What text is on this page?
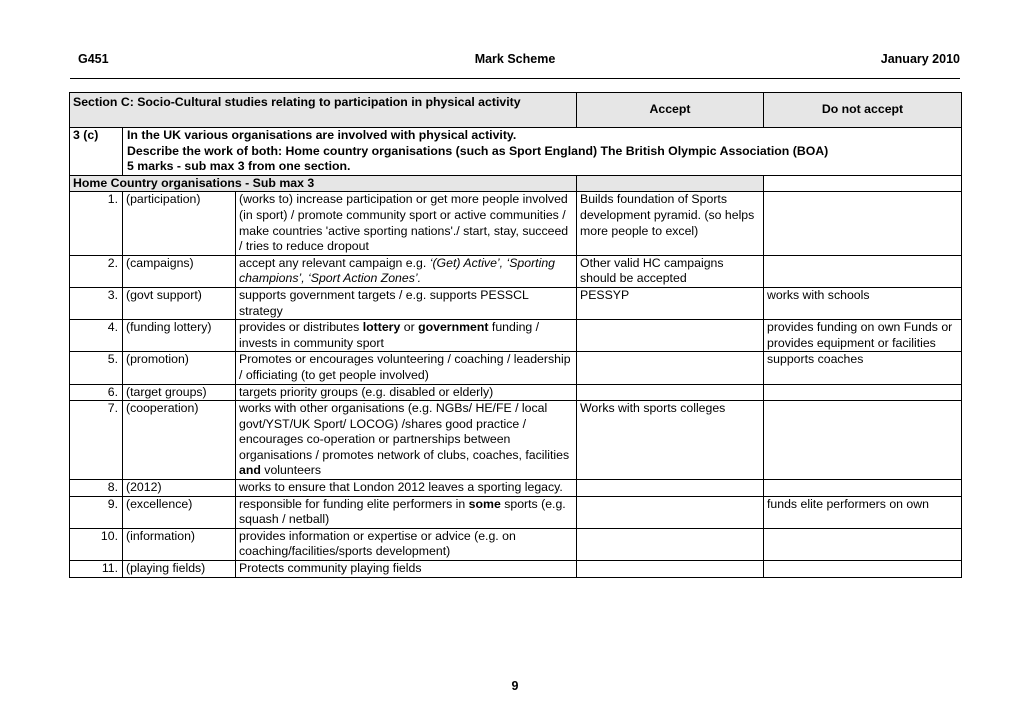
G451	Mark Scheme	January 2010
Section C: Socio-Cultural studies relating to participation in physical activity			Accept	Do not accept
3 (c)	In the UK various organisations are involved with physical activity.
Describe the work of both: Home country organisations (such as Sport England) The British Olympic Association (BOA)
5 marks - sub max 3 from one section.			

Home Country organisations - Sub max 3				
1.	(participation)	(works to) increase participation or get more people involved (in sport) / promote community sport or active communities / make countries 'active sporting nations'./ start, stay, succeed / tries to reduce dropout	Builds foundation of Sports development pyramid. (so helps more people to excel)	
2.	(campaigns)	accept any relevant campaign e.g. ‘(Get) Active’, ‘Sporting champions’, ‘Sport Action Zones’.	Other valid HC campaigns should be accepted	
3.	(govt support)	supports government targets / e.g. supports PESSCL strategy	PESSYP	works with schools
4.	(funding lottery)	provides or distributes lottery or government funding / invests in community sport		provides funding on own Funds or provides equipment or facilities
5.	(promotion)	Promotes or encourages volunteering / coaching / leadership / officiating (to get people involved)		supports coaches
6.	(target groups)	targets priority groups (e.g. disabled or elderly)		
7.	(cooperation)	works with other organisations (e.g. NGBs/ HE/FE / local govt/YST/UK Sport/ LOCOG) /shares good practice / encourages co-operation or partnerships between organisations / promotes network of clubs, coaches, facilities and volunteers	Works with sports colleges	
8.	(2012)	works to ensure that London 2012 leaves a sporting legacy.		
9.	(excellence)	responsible for funding elite performers in some sports (e.g. squash / netball)		funds elite performers on own
10.	(information)	provides information or expertise or advice (e.g. on coaching/facilities/sports development)		
11.	(playing fields)	Protects community playing fields		
9
